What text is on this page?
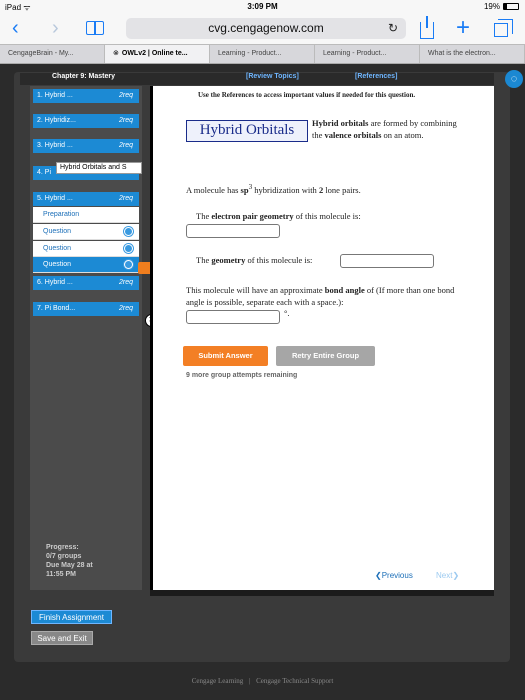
iPad ᯤ	3:09 PM	19%
‹ ›	cvg.cengagenow.com	↻ +
CengageBrain - My...	⊗ OWLv2 | Online te...	Learning - Product...	Learning - Product...	What is the electron...
Chapter 9: Mastery	[Review Topics]	[References]	◌
1. Hybrid ...	2req
2. Hybridiz...	2req
3. Hybrid ...	2req
4. Pi
Hybrid Orbitals and S
5. Hybrid ...	2req
Preparation
Question
Question
Question
6. Hybrid ...	2req
7. Pi Bond...	2req
Progress:
0/7 groups
Due May 28 at
11:55 PM
Use the References to access important values if needed for this question.
Hybrid Orbitals	Hybrid orbitals are formed by combining the valence orbitals on an atom.
A molecule has $sp^3$ hybridization with 2 lone pairs.
The electron pair geometry of this molecule is:
The geometry of this molecule is:
This molecule will have an approximate bond angle of (If more than one bond angle is possible, separate each with a space.):
°.
Submit Answer	Retry Entire Group
9 more group attempts remaining
❮Previous	Next❯
Finish Assignment
Save and Exit
Cengage Learning | Cengage Technical Support
